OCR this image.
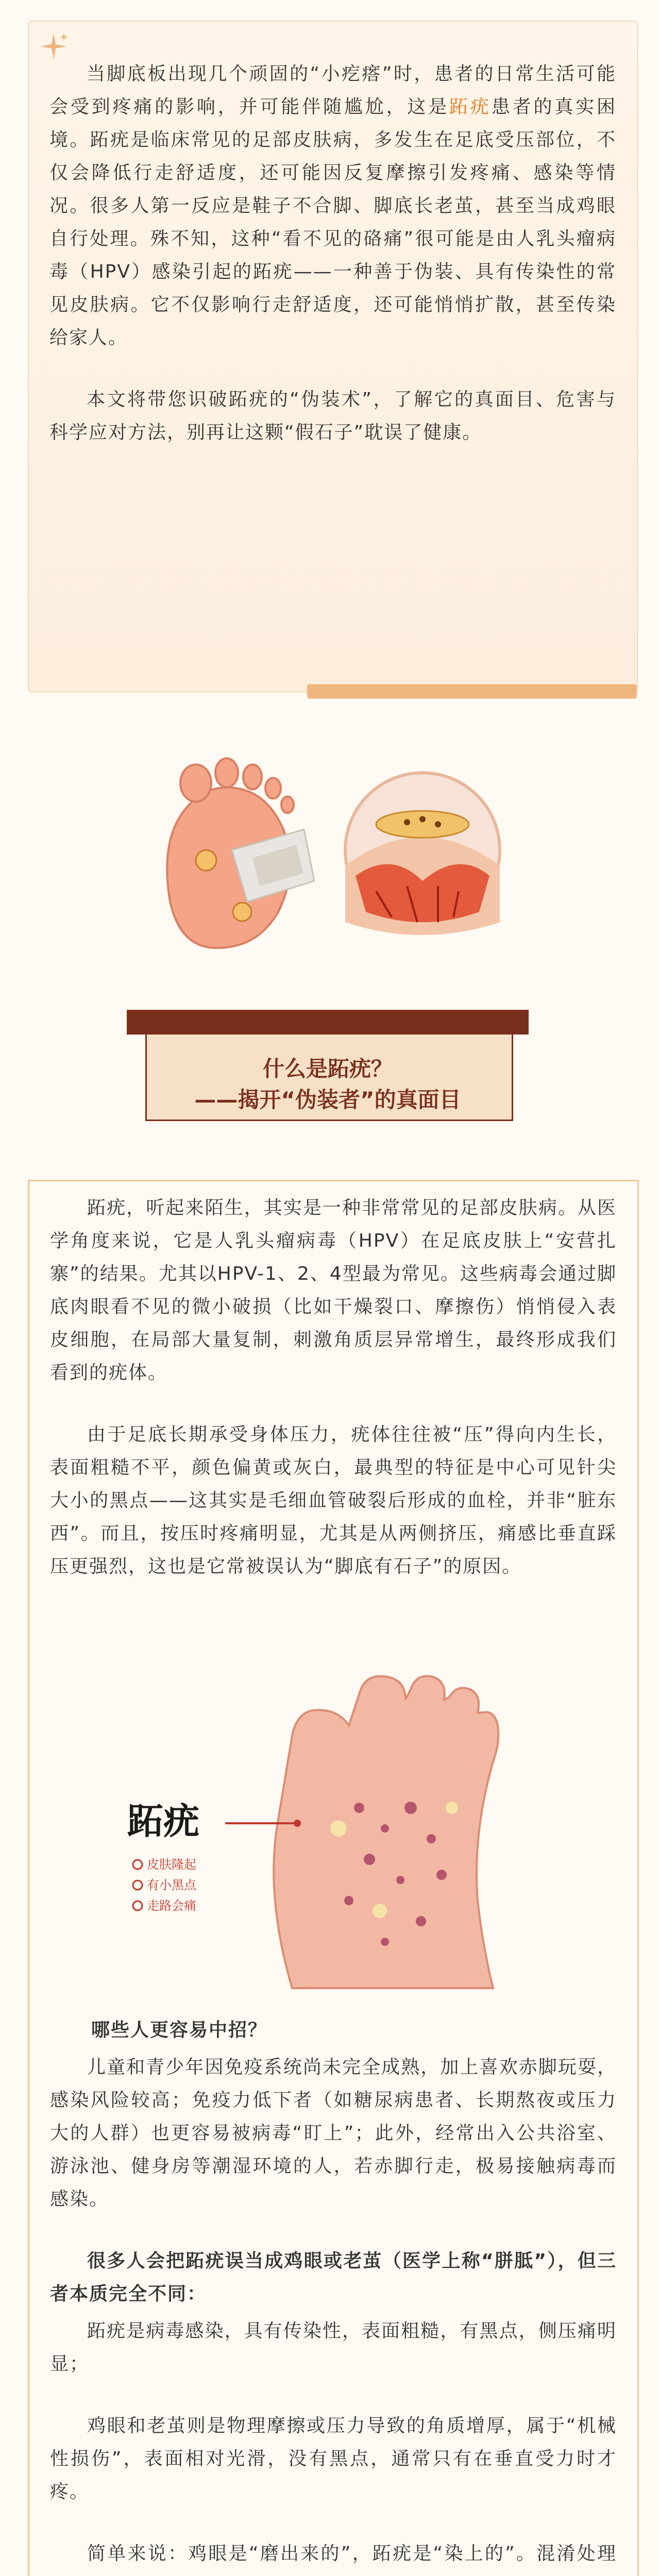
当脚底板出现几个顽固的“小疙瘩”时，患者的日常生活可能会受到疼痛的影响，并可能伴随尴尬，这是跖疣患者的真实困境。跖疣是临床常见的足部皮肤病，多发生在足底受压部位，不仅会降低行走舒适度，还可能因反复摩擦引发疼痛、感染等情况。很多人第一反应是鞋子不合脚、脚底长老茧，甚至当成鸡眼自行处理。殊不知，这种“看不见的硌痛”很可能是由人乳头瘤病毒（HPV）感染引起的跖疣——一种善于伪装、具有传染性的常见皮肤病。它不仅影响行走舒适度，还可能悄悄扩散，甚至传染给家人。

本文将带您识破跖疣的“伪装术”，了解它的真面目、危害与科学应对方法，别再让这颗“假石子”耽误了健康。

什么是跖疣？
——揭开“伪装者”的真面目

跖疣，听起来陌生，其实是一种非常常见的足部皮肤病。从医学角度来说，它是人乳头瘤病毒（HPV）在足底皮肤上“安营扎寨”的结果。尤其以HPV-1、2、4型最为常见。这些病毒会通过脚底肉眼看不见的微小破损（比如干燥裂口、摩擦伤）悄悄侵入表皮细胞，在局部大量复制，刺激角质层异常增生，最终形成我们看到的疣体。

由于足底长期承受身体压力，疣体往往被“压”得向内生长，表面粗糙不平，颜色偏黄或灰白，最典型的特征是中心可见针尖大小的黑点——这其实是毛细血管破裂后形成的血栓，并非“脏东西”。而且，按压时疼痛明显，尤其是从两侧挤压，痛感比垂直踩压更强烈，这也是它常被误认为“脚底有石子”的原因。

跖疣
皮肤隆起
有小黑点
走路会痛

哪些人更容易中招？

儿童和青少年因免疫系统尚未完全成熟，加上喜欢赤脚玩耍，感染风险较高；免疫力低下者（如糖尿病患者、长期熬夜或压力大的人群）也更容易被病毒“盯上”；此外，经常出入公共浴室、游泳池、健身房等潮湿环境的人，若赤脚行走，极易接触病毒而感染。

很多人会把跖疣误当成鸡眼或老茧（医学上称“胼胝”），但三者本质完全不同：

跖疣是病毒感染，具有传染性，表面粗糙，有黑点，侧压痛明显；

鸡眼和老茧则是物理摩擦或压力导致的角质增厚，属于“机械性损伤”，表面相对光滑，没有黑点，通常只有在垂直受力时才疼。

简单来说：鸡眼是“磨出来的”，跖疣是“染上的”。混淆处理
